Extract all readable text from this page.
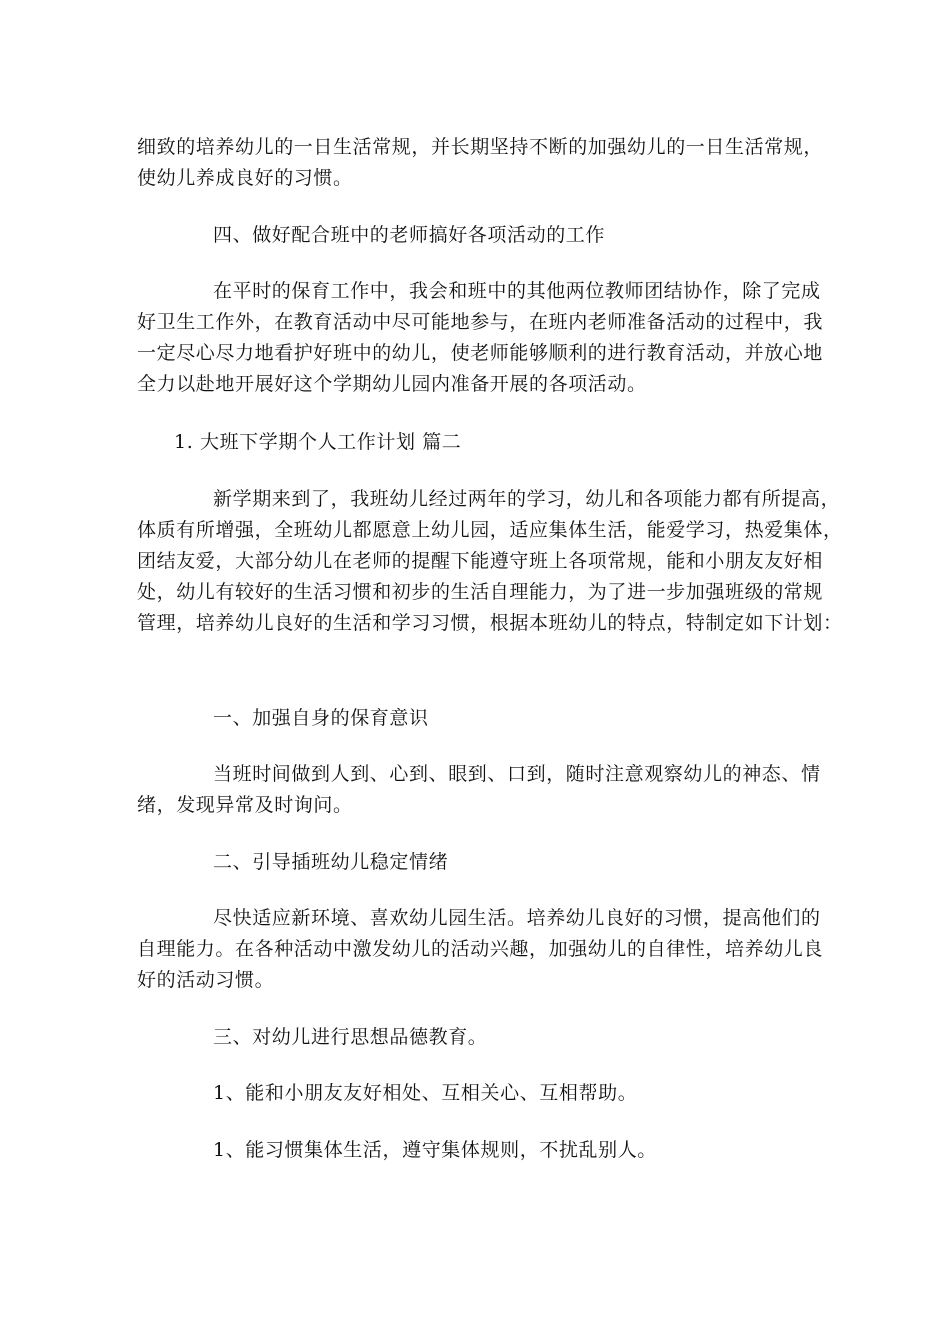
细致的培养幼儿的一日生活常规，并长期坚持不断的加强幼儿的一日生活常规，
使幼儿养成良好的习惯。

四、做好配合班中的老师搞好各项活动的工作

在平时的保育工作中，我会和班中的其他两位教师团结协作，除了完成
好卫生工作外，在教育活动中尽可能地参与，在班内老师准备活动的过程中，我
一定尽心尽力地看护好班中的幼儿，使老师能够顺利的进行教育活动，并放心地
全力以赴地开展好这个学期幼儿园内准备开展的各项活动。

1. 大班下学期个人工作计划 篇二

新学期来到了，我班幼儿经过两年的学习，幼儿和各项能力都有所提高，
体质有所增强，全班幼儿都愿意上幼儿园，适应集体生活，能爱学习，热爱集体，
团结友爱，大部分幼儿在老师的提醒下能遵守班上各项常规，能和小朋友友好相
处，幼儿有较好的生活习惯和初步的生活自理能力，为了进一步加强班级的常规
管理，培养幼儿良好的生活和学习习惯，根据本班幼儿的特点，特制定如下计划：

一、加强自身的保育意识

当班时间做到人到、心到、眼到、口到，随时注意观察幼儿的神态、情
绪，发现异常及时询问。

二、引导插班幼儿稳定情绪

尽快适应新环境、喜欢幼儿园生活。培养幼儿良好的习惯，提高他们的
自理能力。在各种活动中激发幼儿的活动兴趣，加强幼儿的自律性，培养幼儿良
好的活动习惯。

三、对幼儿进行思想品德教育。

1、能和小朋友友好相处、互相关心、互相帮助。

1、能习惯集体生活，遵守集体规则，不扰乱别人。
